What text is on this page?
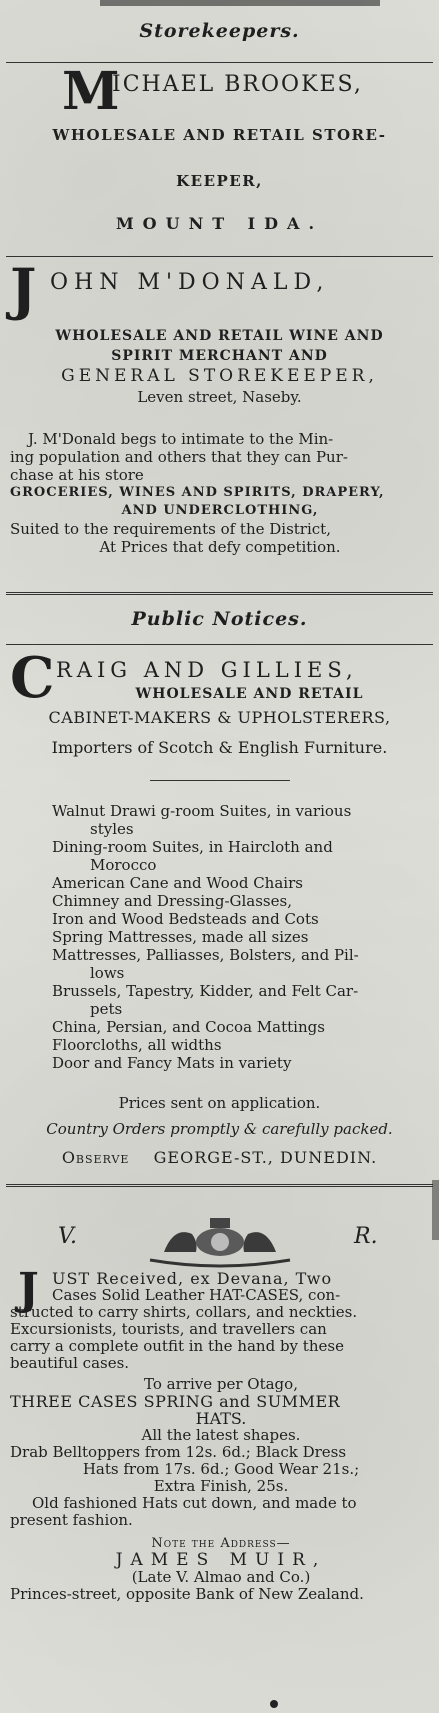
Storekeepers.
M
ICHAEL BROOKES,
WHOLESALE AND RETAIL STORE-
KEEPER,
MOUNT IDA.
J OHN M'DONALD,
WHOLESALE AND RETAIL WINE AND
SPIRIT MERCHANT AND
GENERAL STOREKEEPER,
Leven street, Naseby.
J. M'Donald begs to intimate to the Min-
ing population and others that they can Pur-
chase at his store
GROCERIES, WINES AND SPIRITS, DRAPERY,
AND UNDERCLOTHING,
Suited to the requirements of the District,
At Prices that defy competition.
Public Notices.
C RAIG AND GILLIES,
WHOLESALE AND RETAIL
CABINET-MAKERS & UPHOLSTERERS,
Importers of Scotch & English Furniture.
Walnut Drawi g-room Suites, in various
styles
Dining-room Suites, in Haircloth and
Morocco
American Cane and Wood Chairs
Chimney and Dressing-Glasses,
Iron and Wood Bedsteads and Cots
Spring Mattresses, made all sizes
Mattresses, Palliasses, Bolsters, and Pil-
lows
Brussels, Tapestry, Kidder, and Felt Car-
pets
China, Persian, and Cocoa Mattings
Floorcloths, all widths
Door and Fancy Mats in variety
Prices sent on application.
Country Orders promptly & carefully packed.
Observe GEORGE-ST., DUNEDIN.
V.	R.
J UST Received, ex Devana, Two
Cases Solid Leather HAT-CASES, con-
structed to carry shirts, collars, and neckties.
Excursionists, tourists, and travellers can
carry a complete outfit in the hand by these
beautiful cases.
To arrive per Otago,
THREE CASES SPRING and SUMMER
HATS.
All the latest shapes.
Drab Belltoppers from 12s. 6d.; Black Dress
Hats from 17s. 6d.; Good Wear 21s.;
Extra Finish, 25s.
Old fashioned Hats cut down, and made to
present fashion.
Note the Address—
JAMES MUIR,
(Late V. Almao and Co.)
Princes-street, opposite Bank of New Zealand.
